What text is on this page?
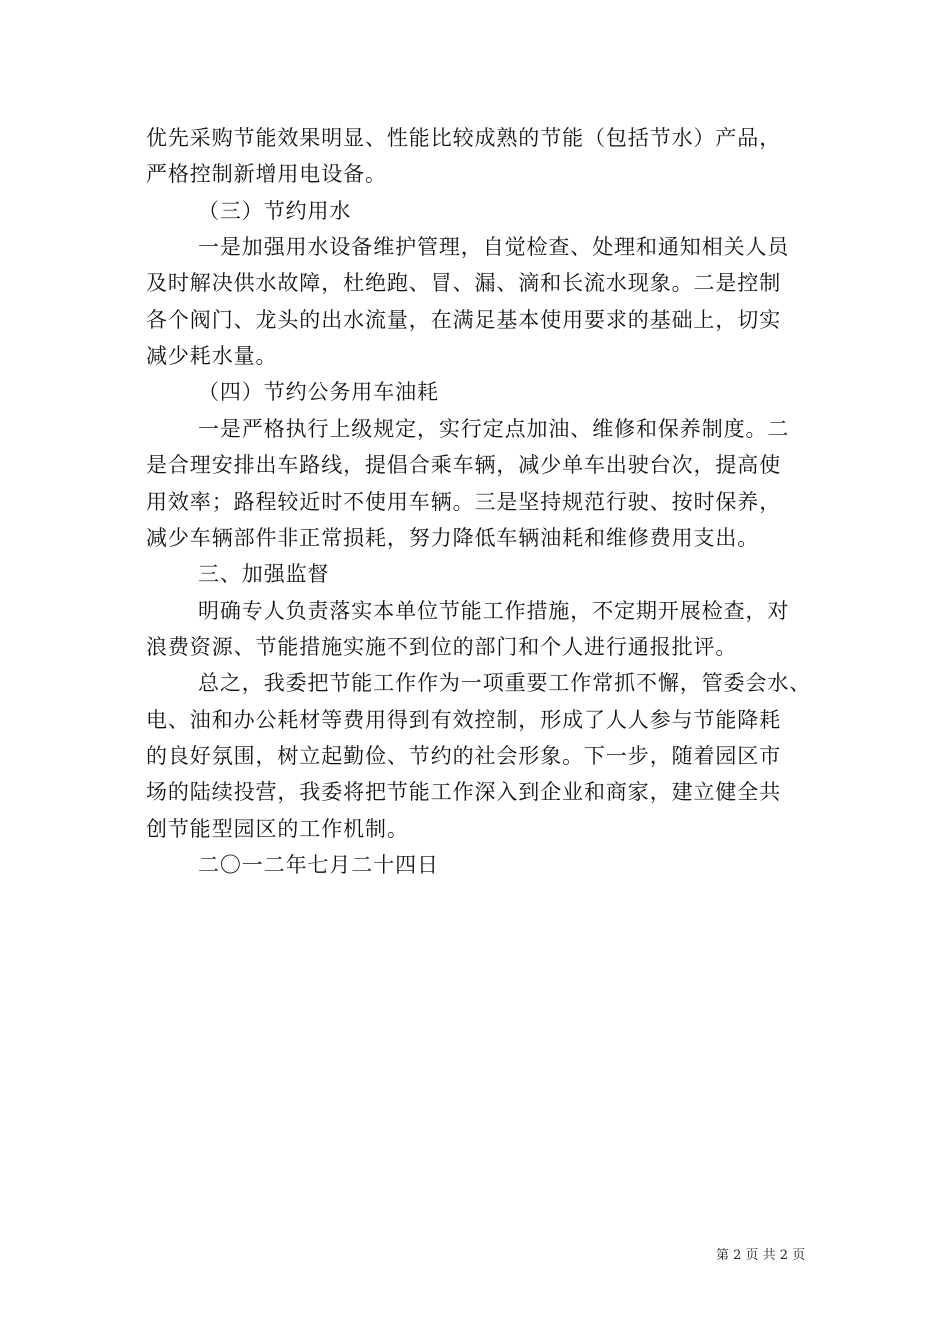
优先采购节能效果明显、性能比较成熟的节能（包括节水）产品，
严格控制新增用电设备。
（三）节约用水
一是加强用水设备维护管理，自觉检查、处理和通知相关人员
及时解决供水故障，杜绝跑、冒、漏、滴和长流水现象。二是控制
各个阀门、龙头的出水流量，在满足基本使用要求的基础上，切实
减少耗水量。
（四）节约公务用车油耗
一是严格执行上级规定，实行定点加油、维修和保养制度。二
是合理安排出车路线，提倡合乘车辆，减少单车出驶台次，提高使
用效率；路程较近时不使用车辆。三是坚持规范行驶、按时保养，
减少车辆部件非正常损耗，努力降低车辆油耗和维修费用支出。
三、加强监督
明确专人负责落实本单位节能工作措施，不定期开展检查，对
浪费资源、节能措施实施不到位的部门和个人进行通报批评。
总之，我委把节能工作作为一项重要工作常抓不懈，管委会水、
电、油和办公耗材等费用得到有效控制，形成了人人参与节能降耗
的良好氛围，树立起勤俭、节约的社会形象。下一步，随着园区市
场的陆续投营，我委将把节能工作深入到企业和商家，建立健全共
创节能型园区的工作机制。
二〇一二年七月二十四日
第 2 页 共 2 页
